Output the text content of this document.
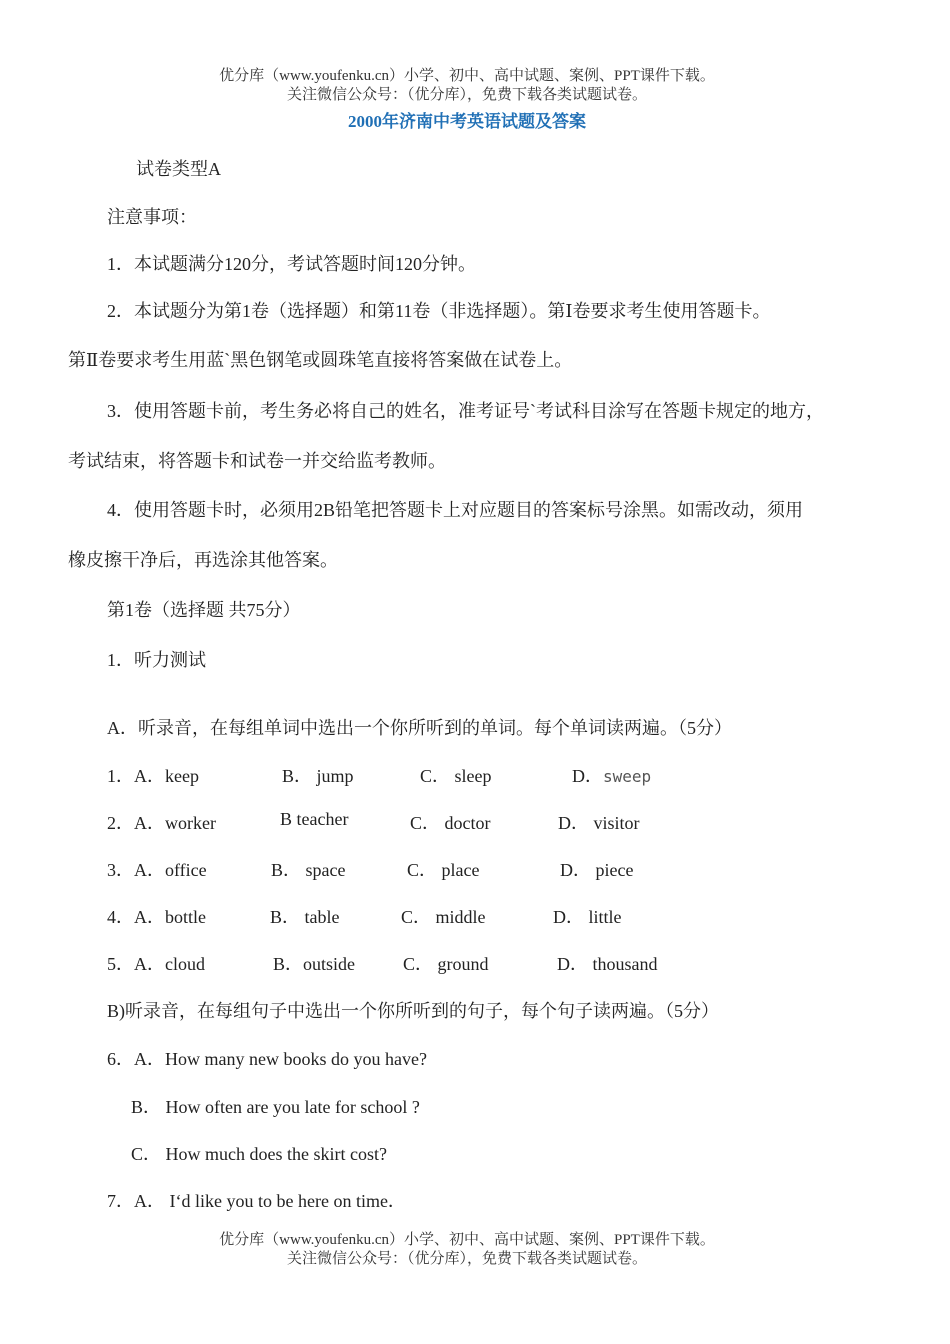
优分库（www.youfenku.cn）小学、初中、高中试题、案例、PPT课件下载。
关注微信公众号：（优分库），免费下载各类试题试卷。
2000年济南中考英语试题及答案
试卷类型A
注意事项：
1．本试题满分120分，考试答题时间120分钟。
2．本试题分为第1卷（选择题）和第11卷（非选择题）。第Ⅰ卷要求考生使用答题卡。
第Ⅱ卷要求考生用蓝`黑色钢笔或圆珠笔直接将答案做在试卷上。
3．使用答题卡前，考生务必将自己的姓名，准考证号`考试科目涂写在答题卡规定的地方，
考试结束，将答题卡和试卷一并交给监考教师。
4．使用答题卡时，必须用2B铅笔把答题卡上对应题目的答案标号涂黑。如需改动，须用
橡皮擦干净后，再选涂其他答案。
第1卷（选择题 共75分）
1．听力测试
A．听录音，在每组单词中选出一个你所听到的单词。每个单词读两遍。（5分）
1．A．keep	B． jump	C． sleep	D．sweep
2．A．worker	B teacher	C． doctor	D． visitor
3．A．office	B． space	C． place	D． piece
4．A．bottle	B． table	C． middle	D． little
5．A．cloud	B．outside	C． ground	D． thousand
B)听录音，在每组句子中选出一个你所听到的句子，每个句子读两遍。（5分）
6．A．How many new books do you have?
B． How often are you late for school ?
C． How much does the skirt cost?
7．A． I‘d like you to be here on time．
优分库（www.youfenku.cn）小学、初中、高中试题、案例、PPT课件下载。
关注微信公众号：（优分库），免费下载各类试题试卷。
